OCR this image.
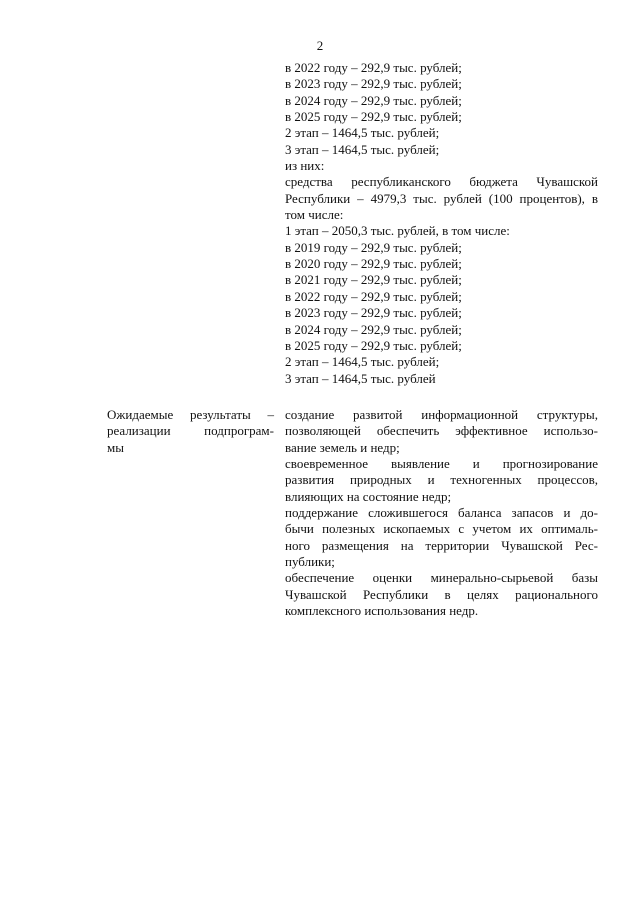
2
в 2022 году – 292,9 тыс. рублей;
в 2023 году – 292,9 тыс. рублей;
в 2024 году – 292,9 тыс. рублей;
в 2025 году – 292,9 тыс. рублей;
2 этап – 1464,5 тыс. рублей;
3 этап – 1464,5 тыс. рублей;
из них:
средства республиканского бюджета Чувашской
Республики – 4979,3 тыс. рублей (100 процентов), в
том числе:
1 этап – 2050,3 тыс. рублей, в том числе:
в 2019 году – 292,9 тыс. рублей;
в 2020 году – 292,9 тыс. рублей;
в 2021 году – 292,9 тыс. рублей;
в 2022 году – 292,9 тыс. рублей;
в 2023 году – 292,9 тыс. рублей;
в 2024 году – 292,9 тыс. рублей;
в 2025 году – 292,9 тыс. рублей;
2 этап – 1464,5 тыс. рублей;
3 этап – 1464,5 тыс. рублей
Ожидаемые результаты –
реализации подпрограм-
мы
создание развитой информационной структуры,
позволяющей обеспечить эффективное использо-
вание земель и недр;
своевременное выявление и прогнозирование
развития природных и техногенных процессов,
влияющих на состояние недр;
поддержание сложившегося баланса запасов и до-
бычи полезных ископаемых с учетом их оптималь-
ного размещения на территории Чувашской Рес-
публики;
обеспечение оценки минерально-сырьевой базы
Чувашской Республики в целях рационального
комплексного использования недр.
